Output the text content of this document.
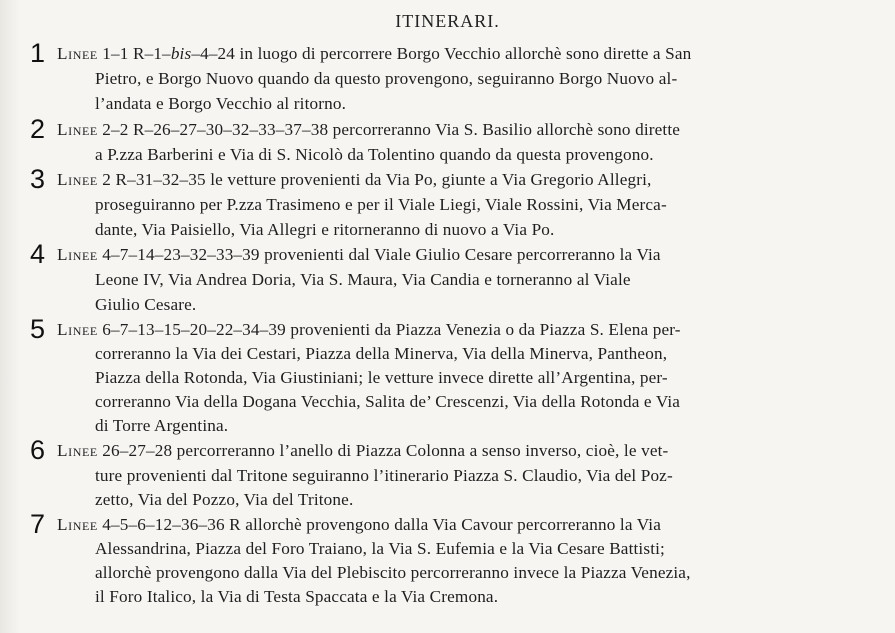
ITINERARI.
1 Linee 1–1 R–1–bis–4–24 in luogo di percorrere Borgo Vecchio allorchè sono dirette a San
Pietro, e Borgo Nuovo quando da questo provengono, seguiranno Borgo Nuovo al-
l’andata e Borgo Vecchio al ritorno.
2 Linee 2–2 R–26–27–30–32–33–37–38 percorreranno Via S. Basilio allorchè sono dirette
a P.zza Barberini e Via di S. Nicolò da Tolentino quando da questa provengono.
3 Linee 2 R–31–32–35 le vetture provenienti da Via Po, giunte a Via Gregorio Allegri,
proseguiranno per P.zza Trasimeno e per il Viale Liegi, Viale Rossini, Via Merca-
dante, Via Paisiello, Via Allegri e ritorneranno di nuovo a Via Po.
4 Linee 4–7–14–23–32–33–39 provenienti dal Viale Giulio Cesare percorreranno la Via
Leone IV, Via Andrea Doria, Via S. Maura, Via Candia e torneranno al Viale
Giulio Cesare.
5 Linee 6–7–13–15–20–22–34–39 provenienti da Piazza Venezia o da Piazza S. Elena per-
correranno la Via dei Cestari, Piazza della Minerva, Via della Minerva, Pantheon,
Piazza della Rotonda, Via Giustiniani; le vetture invece dirette all’Argentina, per-
correranno Via della Dogana Vecchia, Salita de’ Crescenzi, Via della Rotonda e Via
di Torre Argentina.
6 Linee 26–27–28 percorreranno l’anello di Piazza Colonna a senso inverso, cioè, le vet-
ture provenienti dal Tritone seguiranno l’itinerario Piazza S. Claudio, Via del Poz-
zetto, Via del Pozzo, Via del Tritone.
7 Linee 4–5–6–12–36–36 R allorchè provengono dalla Via Cavour percorreranno la Via
Alessandrina, Piazza del Foro Traiano, la Via S. Eufemia e la Via Cesare Battisti;
allorchè provengono dalla Via del Plebiscito percorreranno invece la Piazza Venezia,
il Foro Italico, la Via di Testa Spaccata e la Via Cremona.
